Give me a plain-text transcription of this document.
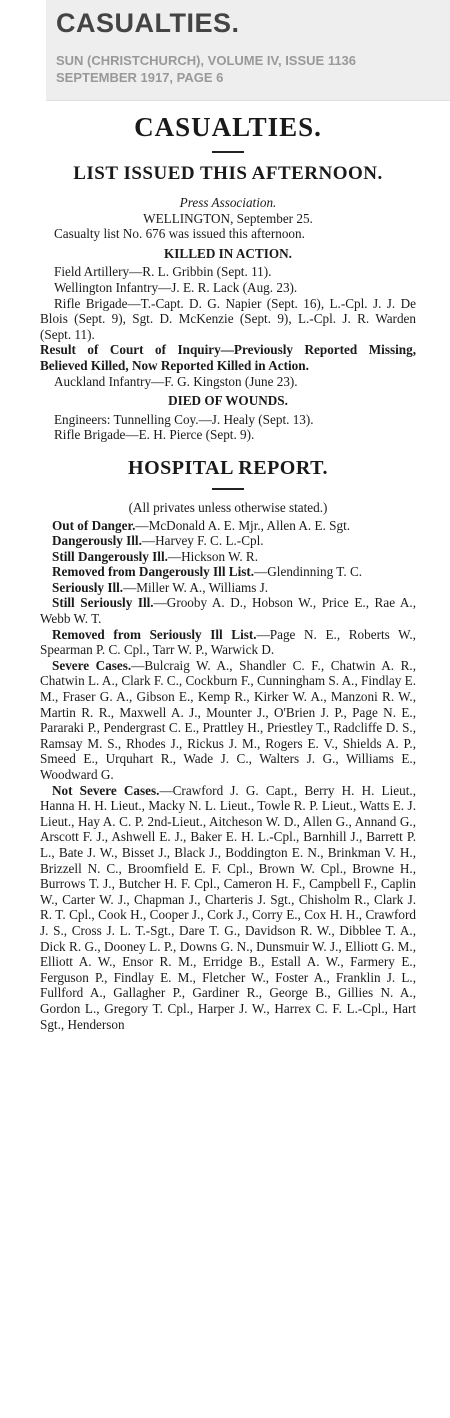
CASUALTIES.
SUN (CHRISTCHURCH), VOLUME IV, ISSUE 1136
SEPTEMBER 1917, PAGE 6
CASUALTIES.
LIST ISSUED THIS AFTERNOON.

Press Association.

WELLINGTON, September 25.

Casualty list No. 676 was issued this afternoon.

KILLED IN ACTION.

Field Artillery—R. L. Gribbin (Sept. 11).

Wellington Infantry—J. E. R. Lack (Aug. 23).

Rifle Brigade—T.-Capt. D. G. Napier (Sept. 16), L.-Cpl. J. J. De Blois (Sept. 9), Sgt. D. McKenzie (Sept. 9), L.-Cpl. J. R. Warden (Sept. 11).

Result of Court of Inquiry—Previously Reported Missing, Believed Killed, Now Reported Killed in Action.

Auckland Infantry—F. G. Kingston (June 23).

DIED OF WOUNDS.

Engineers: Tunnelling Coy.—J. Healy (Sept. 13).

Rifle Brigade—E. H. Pierce (Sept. 9).

HOSPITAL REPORT.

(All privates unless otherwise stated.)

Out of Danger.—McDonald A. E. Mjr., Allen A. E. Sgt.

Dangerously Ill.—Harvey F. C. L.-Cpl.

Still Dangerously Ill.—Hickson W. R.

Removed from Dangerously Ill List.—Glendinning T. C.

Seriously Ill.—Miller W. A., Williams J.

Still Seriously Ill.—Grooby A. D., Hobson W., Price E., Rae A., Webb W. T.

Removed from Seriously Ill List.—Page N. E., Roberts W., Spearman P. C. Cpl., Tarr W. P., Warwick D.

Severe Cases.—Bulcraig W. A., Shandler C. F., Chatwin A. R., Chatwin L. A., Clark F. C., Cockburn F., Cunningham S. A., Findlay E. M., Fraser G. A., Gibson E., Kemp R., Kirker W. A., Manzoni R. W., Martin R. R., Maxwell A. J., Mounter J., O'Brien J. P., Page N. E., Pararaki P., Pendergrast C. E., Prattley H., Priestley T., Radcliffe D. S., Ramsay M. S., Rhodes J., Rickus J. M., Rogers E. V., Shields A. P., Smeed E., Urquhart R., Wade J. C., Walters J. G., Williams E., Woodward G.

Not Severe Cases.—Crawford J. G. Capt., Berry H. H. Lieut., Hanna H. H. Lieut., Macky N. L. Lieut., Towle R. P. Lieut., Watts E. J. Lieut., Hay A. C. P. 2nd-Lieut., Aitcheson W. D., Allen G., Annand G., Arscott F. J., Ashwell E. J., Baker E. H. L.-Cpl., Barnhill J., Barrett P. L., Bate J. W., Bisset J., Black J., Boddington E. N., Brinkman V. H., Brizzell N. C., Broomfield E. F. Cpl., Brown W. Cpl., Browne H., Burrows T. J., Butcher H. F. Cpl., Cameron H. F., Campbell F., Caplin W., Carter W. J., Chapman J., Charteris J. Sgt., Chisholm R., Clark J. R. T. Cpl., Cook H., Cooper J., Cork J., Corry E., Cox H. H., Crawford J. S., Cross J. L. T.-Sgt., Dare T. G., Davidson R. W., Dibblee T. A., Dick R. G., Dooney L. P., Downs G. N., Dunsmuir W. J., Elliott G. M., Elliott A. W., Ensor R. M., Erridge B., Estall A. W., Farmery E., Ferguson P., Findlay E. M., Fletcher W., Foster A., Franklin J. L., Fullford A., Gallagher P., Gardiner R., George B., Gillies N. A., Gordon L., Gregory T. Cpl., Harper J. W., Harrex C. F. L.-Cpl., Hart Sgt., Henderson
